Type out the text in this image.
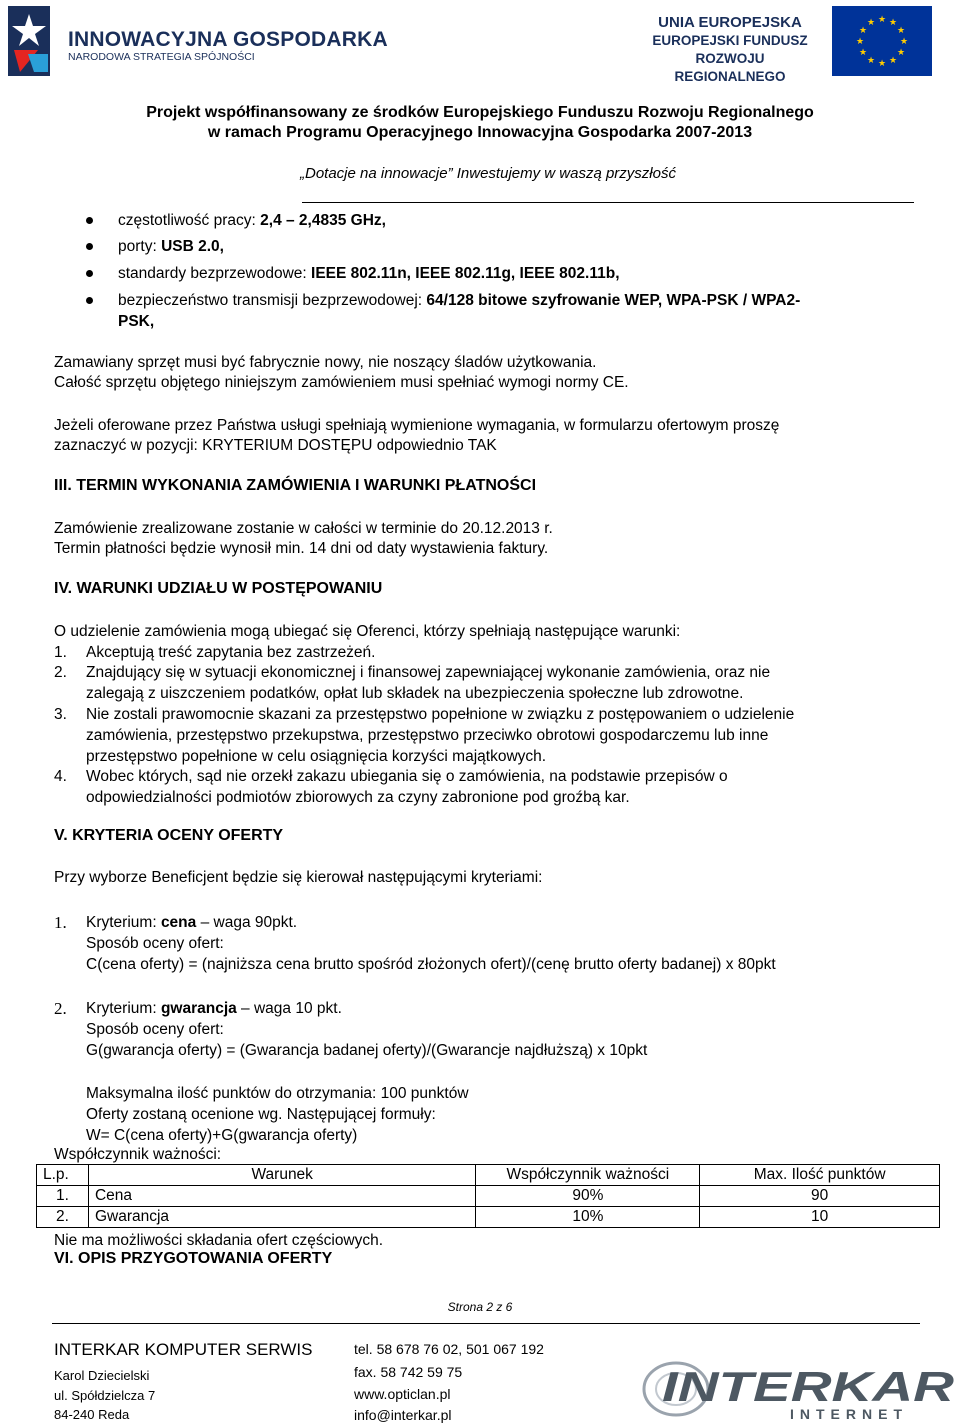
INNOWACYJNA GOSPODARKA
NARODOWA STRATEGIA SPÓJNOŚCI
UNIA EUROPEJSKA
EUROPEJSKI FUNDUSZ
ROZWOJU REGIONALNEGO
★ ★
★
★
★
★
★
★
★
★
★
★
Projekt współfinansowany ze środków Europejskiego Funduszu Rozwoju Regionalnego
w ramach Programu Operacyjnego Innowacyjna Gospodarka 2007-2013
„Dotacje na innowacje” Inwestujemy w waszą przyszłość
częstotliwość pracy: 2,4 – 2,4835 GHz,
porty: USB 2.0,
standardy bezprzewodowe: IEEE 802.11n, IEEE 802.11g, IEEE 802.11b,
bezpieczeństwo transmisji bezprzewodowej: 64/128 bitowe szyfrowanie WEP, WPA-PSK / WPA2-
PSK,
Zamawiany sprzęt musi być fabrycznie nowy, nie noszący śladów użytkowania.
Całość sprzętu objętego niniejszym zamówieniem musi spełniać wymogi normy CE.
Jeżeli oferowane przez Państwa usługi spełniają wymienione wymagania, w formularzu ofertowym proszę
zaznaczyć w pozycji: KRYTERIUM DOSTĘPU odpowiednio TAK
III. TERMIN WYKONANIA ZAMÓWIENIA I WARUNKI PŁATNOŚCI
Zamówienie zrealizowane zostanie w całości w terminie do 20.12.2013 r.
Termin płatności będzie wynosił min. 14 dni od daty wystawienia faktury.
IV. WARUNKI UDZIAŁU W POSTĘPOWANIU
O udzielenie zamówienia mogą ubiegać się Oferenci, którzy spełniają następujące warunki:
1. Akceptują treść zapytania bez zastrzeżeń.
2. Znajdujący się w sytuacji ekonomicznej i finansowej zapewniającej wykonanie zamówienia, oraz nie
zalegają z uiszczeniem podatków, opłat lub składek na ubezpieczenia społeczne lub zdrowotne.
3. Nie zostali prawomocnie skazani za przestępstwo popełnione w związku z postępowaniem o udzielenie
zamówienia, przestępstwo przekupstwa, przestępstwo przeciwko obrotowi gospodarczemu lub inne
przestępstwo popełnione w celu osiągnięcia korzyści majątkowych.
4. Wobec których, sąd nie orzekł zakazu ubiegania się o zamówienia, na podstawie przepisów o
odpowiedzialności podmiotów zbiorowych za czyny zabronione pod groźbą kar.
V. KRYTERIA OCENY OFERTY
Przy wyborze Beneficjent będzie się kierował następującymi kryteriami:
1. Kryterium: cena – waga 90pkt.
Sposób oceny ofert:
C(cena oferty) = (najniższa cena brutto spośród złożonych ofert)/(cenę brutto oferty badanej) x 80pkt
2. Kryterium: gwarancja – waga 10 pkt.
Sposób oceny ofert:
G(gwarancja oferty) = (Gwarancja badanej oferty)/(Gwarancje najdłuższą) x 10pkt
Maksymalna ilość punktów do otrzymania: 100 punktów
Oferty zostaną ocenione wg. Następującej formuły:
W= C(cena oferty)+G(gwarancja oferty)
Współczynnik ważności:
L.p.	Warunek	Współczynnik ważności	Max. Ilość punktów
1.	Cena	90%	90
2.	Gwarancja	10%	10
Nie ma możliwości składania ofert częściowych.
VI. OPIS PRZYGOTOWANIA OFERTY
Strona 2 z 6
INTERKAR KOMPUTER SERWIS
Karol Dziecielski
ul. Spółdzielcza 7
84-240 Reda
tel. 58 678 76 02, 501 067 192
fax. 58 742 59 75
www.opticlan.pl
info@interkar.pl
INTERKAR
INTERNET
